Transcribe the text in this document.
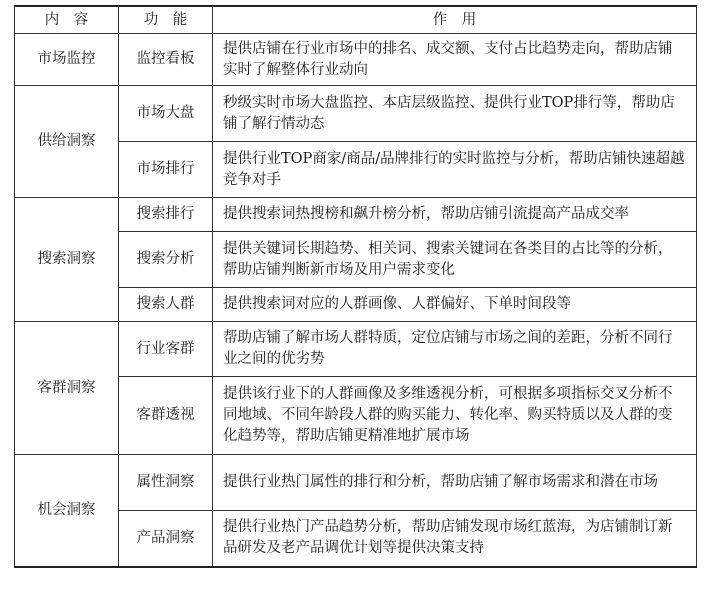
内　容	功　能	作　用
市场监控	监控看板	提供店铺在行业市场中的排名、成交额、支付占比趋势走向，帮助店铺实时了解整体行业动向
供给洞察	市场大盘	秒级实时市场大盘监控、本店层级监控、提供行业TOP排行等，帮助店铺了解行情动态
	市场排行	提供行业TOP商家/商品/品牌排行的实时监控与分析，帮助店铺快速超越竞争对手
搜索洞察	搜索排行	提供搜索词热搜榜和飙升榜分析，帮助店铺引流提高产品成交率
	搜索分析	提供关键词长期趋势、相关词、搜索关键词在各类目的占比等的分析，帮助店铺判断新市场及用户需求变化
	搜索人群	提供搜索词对应的人群画像、人群偏好、下单时间段等
客群洞察	行业客群	帮助店铺了解市场人群特质，定位店铺与市场之间的差距，分析不同行业之间的优劣势
	客群透视	提供该行业下的人群画像及多维透视分析，可根据多项指标交叉分析不同地域、不同年龄段人群的购买能力、转化率、购买特质以及人群的变化趋势等，帮助店铺更精准地扩展市场
机会洞察	属性洞察	提供行业热门属性的排行和分析，帮助店铺了解市场需求和潜在市场
	产品洞察	提供行业热门产品趋势分析，帮助店铺发现市场红蓝海，为店铺制订新品研发及老产品调优计划等提供决策支持
